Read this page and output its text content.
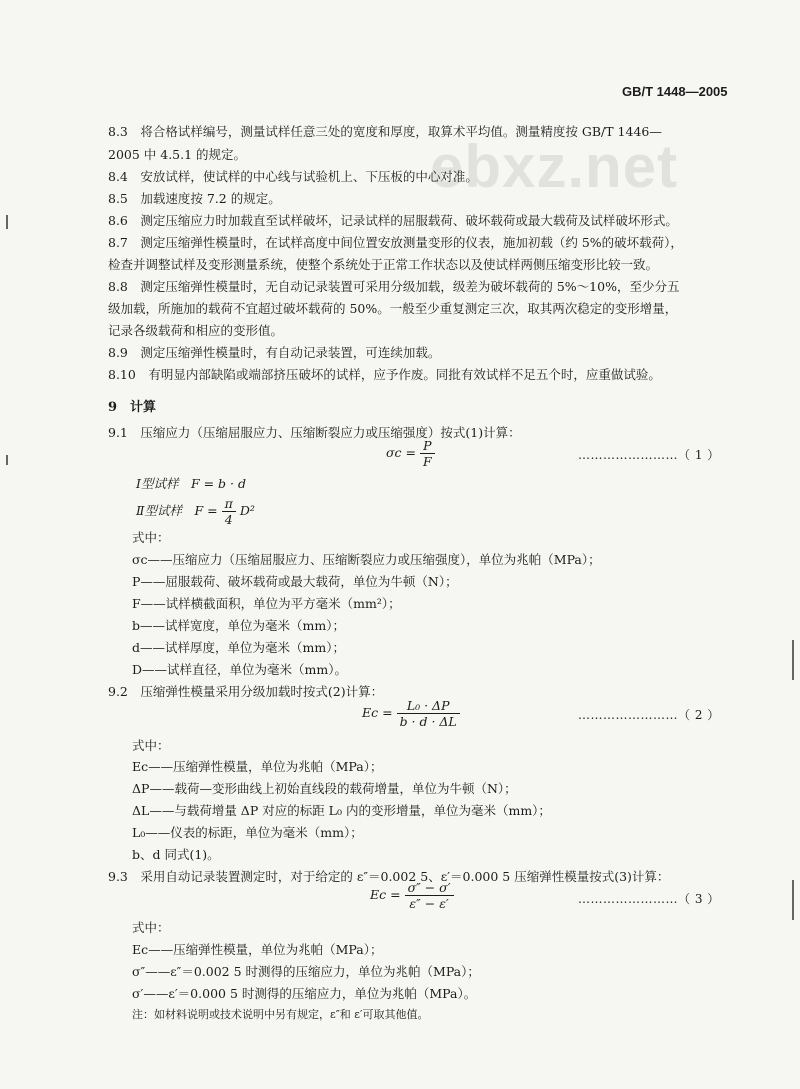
GB/T 1448—2005
ebxz.net
8.3　将合格试样编号，测量试样任意三处的宽度和厚度，取算术平均值。测量精度按 GB/T 1446—
2005 中 4.5.1 的规定。
8.4　安放试样，使试样的中心线与试验机上、下压板的中心对准。
8.5　加载速度按 7.2 的规定。
8.6　测定压缩应力时加载直至试样破坏，记录试样的屈服载荷、破坏载荷或最大载荷及试样破坏形式。
8.7　测定压缩弹性模量时，在试样高度中间位置安放测量变形的仪表，施加初载（约 5%的破坏载荷），
检查并调整试样及变形测量系统，使整个系统处于正常工作状态以及使试样两侧压缩变形比较一致。
8.8　测定压缩弹性模量时，无自动记录装置可采用分级加载，级差为破坏载荷的 5%～10%，至少分五
级加载，所施加的载荷不宜超过破坏载荷的 50%。一般至少重复测定三次，取其两次稳定的变形增量，
记录各级载荷和相应的变形值。
8.9　测定压缩弹性模量时，有自动记录装置，可连续加载。
8.10　有明显内部缺陷或端部挤压破坏的试样，应予作废。同批有效试样不足五个时，应重做试验。
9　计算
9.1　压缩应力（压缩屈服应力、压缩断裂应力或压缩强度）按式(1)计算：
$\sigma c = \frac{P}{F}$	……………………（ 1 ）
Ⅰ型试样　F = b · d
Ⅱ型试样　$F = \frac{\pi}{4} D^2$
式中：
σc——压缩应力（压缩屈服应力、压缩断裂应力或压缩强度），单位为兆帕（MPa）；
P——屈服载荷、破坏载荷或最大载荷，单位为牛顿（N）；
F——试样横截面积，单位为平方毫米（mm²）；
b——试样宽度，单位为毫米（mm）；
d——试样厚度，单位为毫米（mm）；
D——试样直径，单位为毫米（mm）。
9.2　压缩弹性模量采用分级加载时按式(2)计算：
$Ec = \frac{\text{L₀ · ΔP}}{b \cdot d \cdot \Delta L}$	……………………（ 2 ）
式中：
Ec——压缩弹性模量，单位为兆帕（MPa）；
ΔP——载荷—变形曲线上初始直线段的载荷增量，单位为牛顿（N）；
ΔL——与载荷增量 ΔP 对应的标距 L₀ 内的变形增量，单位为毫米（mm）；
L₀——仪表的标距，单位为毫米（mm）；
b、d 同式(1)。
9.3　采用自动记录装置测定时，对于给定的 ε″＝0.002 5、ε′＝0.000 5 压缩弹性模量按式(3)计算：
$Ec = \frac{\sigma'' - \sigma'}{\varepsilon'' - \varepsilon'}$	……………………（ 3 ）
式中：
Ec——压缩弹性模量，单位为兆帕（MPa）；
σ″——ε″＝0.002 5 时测得的压缩应力，单位为兆帕（MPa）；
σ′——ε′＝0.000 5 时测得的压缩应力，单位为兆帕（MPa）。
注：如材料说明或技术说明中另有规定，ε″和 ε′可取其他值。
